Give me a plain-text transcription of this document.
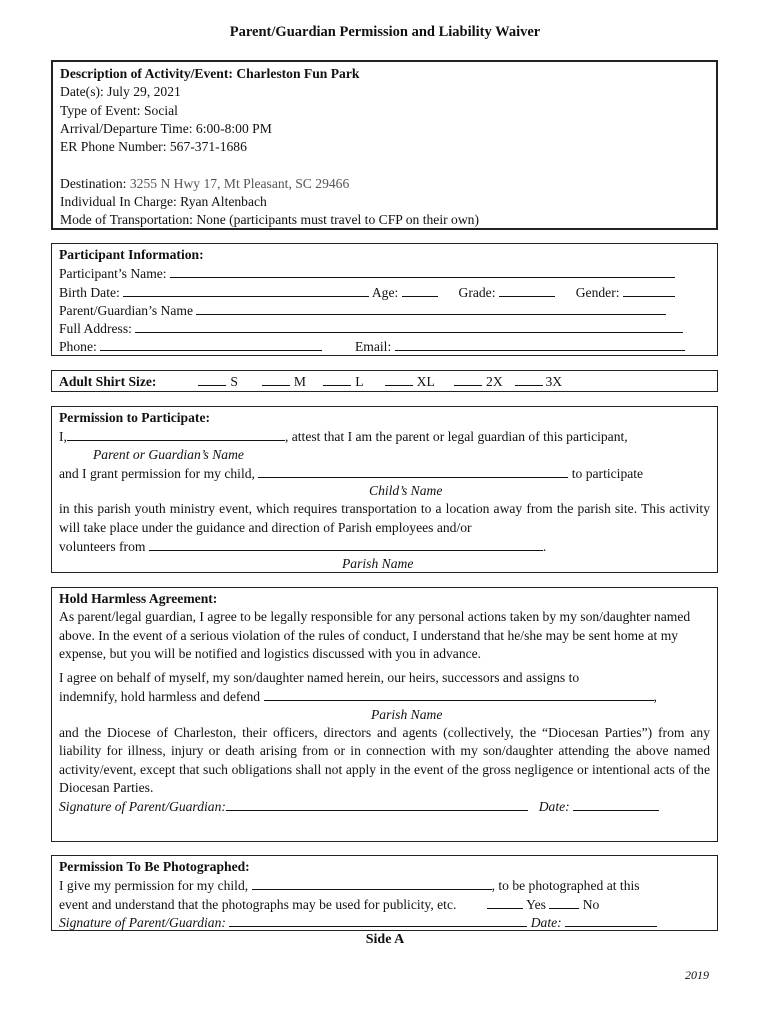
Parent/Guardian Permission and Liability Waiver
Description of Activity/Event: Charleston Fun Park
Date(s): July 29, 2021
Type of Event: Social
Arrival/Departure Time: 6:00-8:00 PM
ER Phone Number: 567-371-1686
Destination: 3255 N Hwy 17, Mt Pleasant, SC 29466
Individual In Charge: Ryan Altenbach
Mode of Transportation: None (participants must travel to CFP on their own)
Participant Information:
Participant’s Name:
Birth Date:	Age:	Grade:	Gender:
Parent/Guardian’s Name
Full Address:
Phone:	Email:
Adult Shirt Size:	S	M	L	XL	2X	3X
Permission to Participate:
I,	, attest that I am the parent or legal guardian of this participant,
Parent or Guardian’s Name
and I grant permission for my child,	to participate
Child’s Name
in this parish youth ministry event, which requires transportation to a location away from the parish site. This activity will take place under the guidance and direction of Parish employees and/or
volunteers from	.
Parish Name
Hold Harmless Agreement:
As parent/legal guardian, I agree to be legally responsible for any personal actions taken by my son/daughter named above. In the event of a serious violation of the rules of conduct, I understand that he/she may be sent home at my expense, but you will be notified and logistics discussed with you in advance.
I agree on behalf of myself, my son/daughter named herein, our heirs, successors and assigns to
indemnify, hold harmless and defend	,
Parish Name
and the Diocese of Charleston, their officers, directors and agents (collectively, the “Diocesan Parties”) from any liability for illness, injury or death arising from or in connection with my son/daughter attending the above named activity/event, except that such obligations shall not apply in the event of the gross negligence or intentional acts of the Diocesan Parties.
Signature of Parent/Guardian:	Date:
Permission To Be Photographed:
I give my permission for my child,	, to be photographed at this
event and understand that the photographs may be used for publicity, etc.	Yes	No
Signature of Parent/Guardian:	Date:
Side A
2019
